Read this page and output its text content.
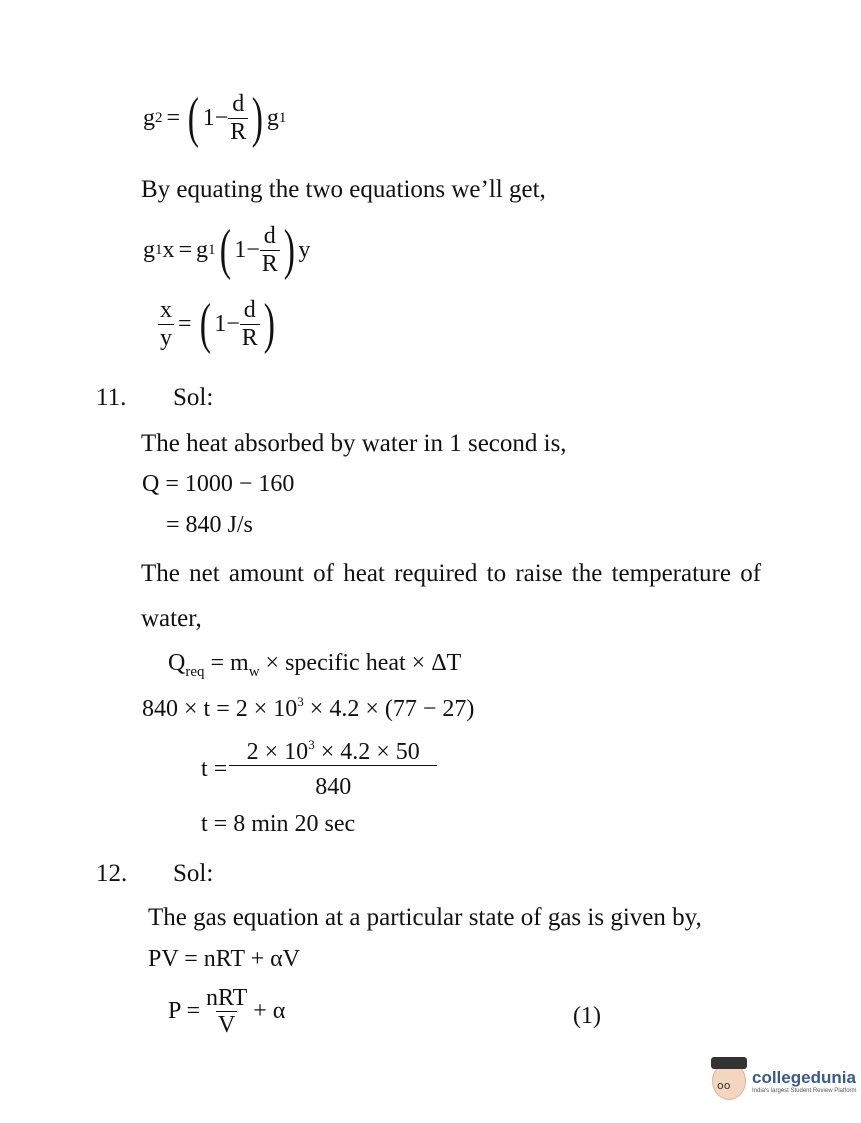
g 2 = ( $1 - \frac{d}{R}$ ) g 1
By equating the two equations we’ll get,
g 1 x = g 1 ( $1 - \frac{d}{R}$ ) y
$\frac{x}{y}$ = ( $1 - \frac{d}{R}$ )
11. Sol:
The heat absorbed by water in 1 second is,
Q = 1000 − 160
= 840 J/s
The net amount of heat required to raise the temperature of
water,
$Q_{req} = m_w$ × specific heat × ΔT
$840 \times t = 2 \times 10^3 \times 4.2 \times (77 - 27)$
$t = \frac{2 \times 10^3 \times 4.2 \times 50}{840}$
t = 8 min 20 sec
12. Sol:
The gas equation at a particular state of gas is given by,
PV = nRT + αV
$P = \frac{\text{nRT}}{V} + \alpha$	(1)
oo collegedunia
India's largest Student Review Platform
